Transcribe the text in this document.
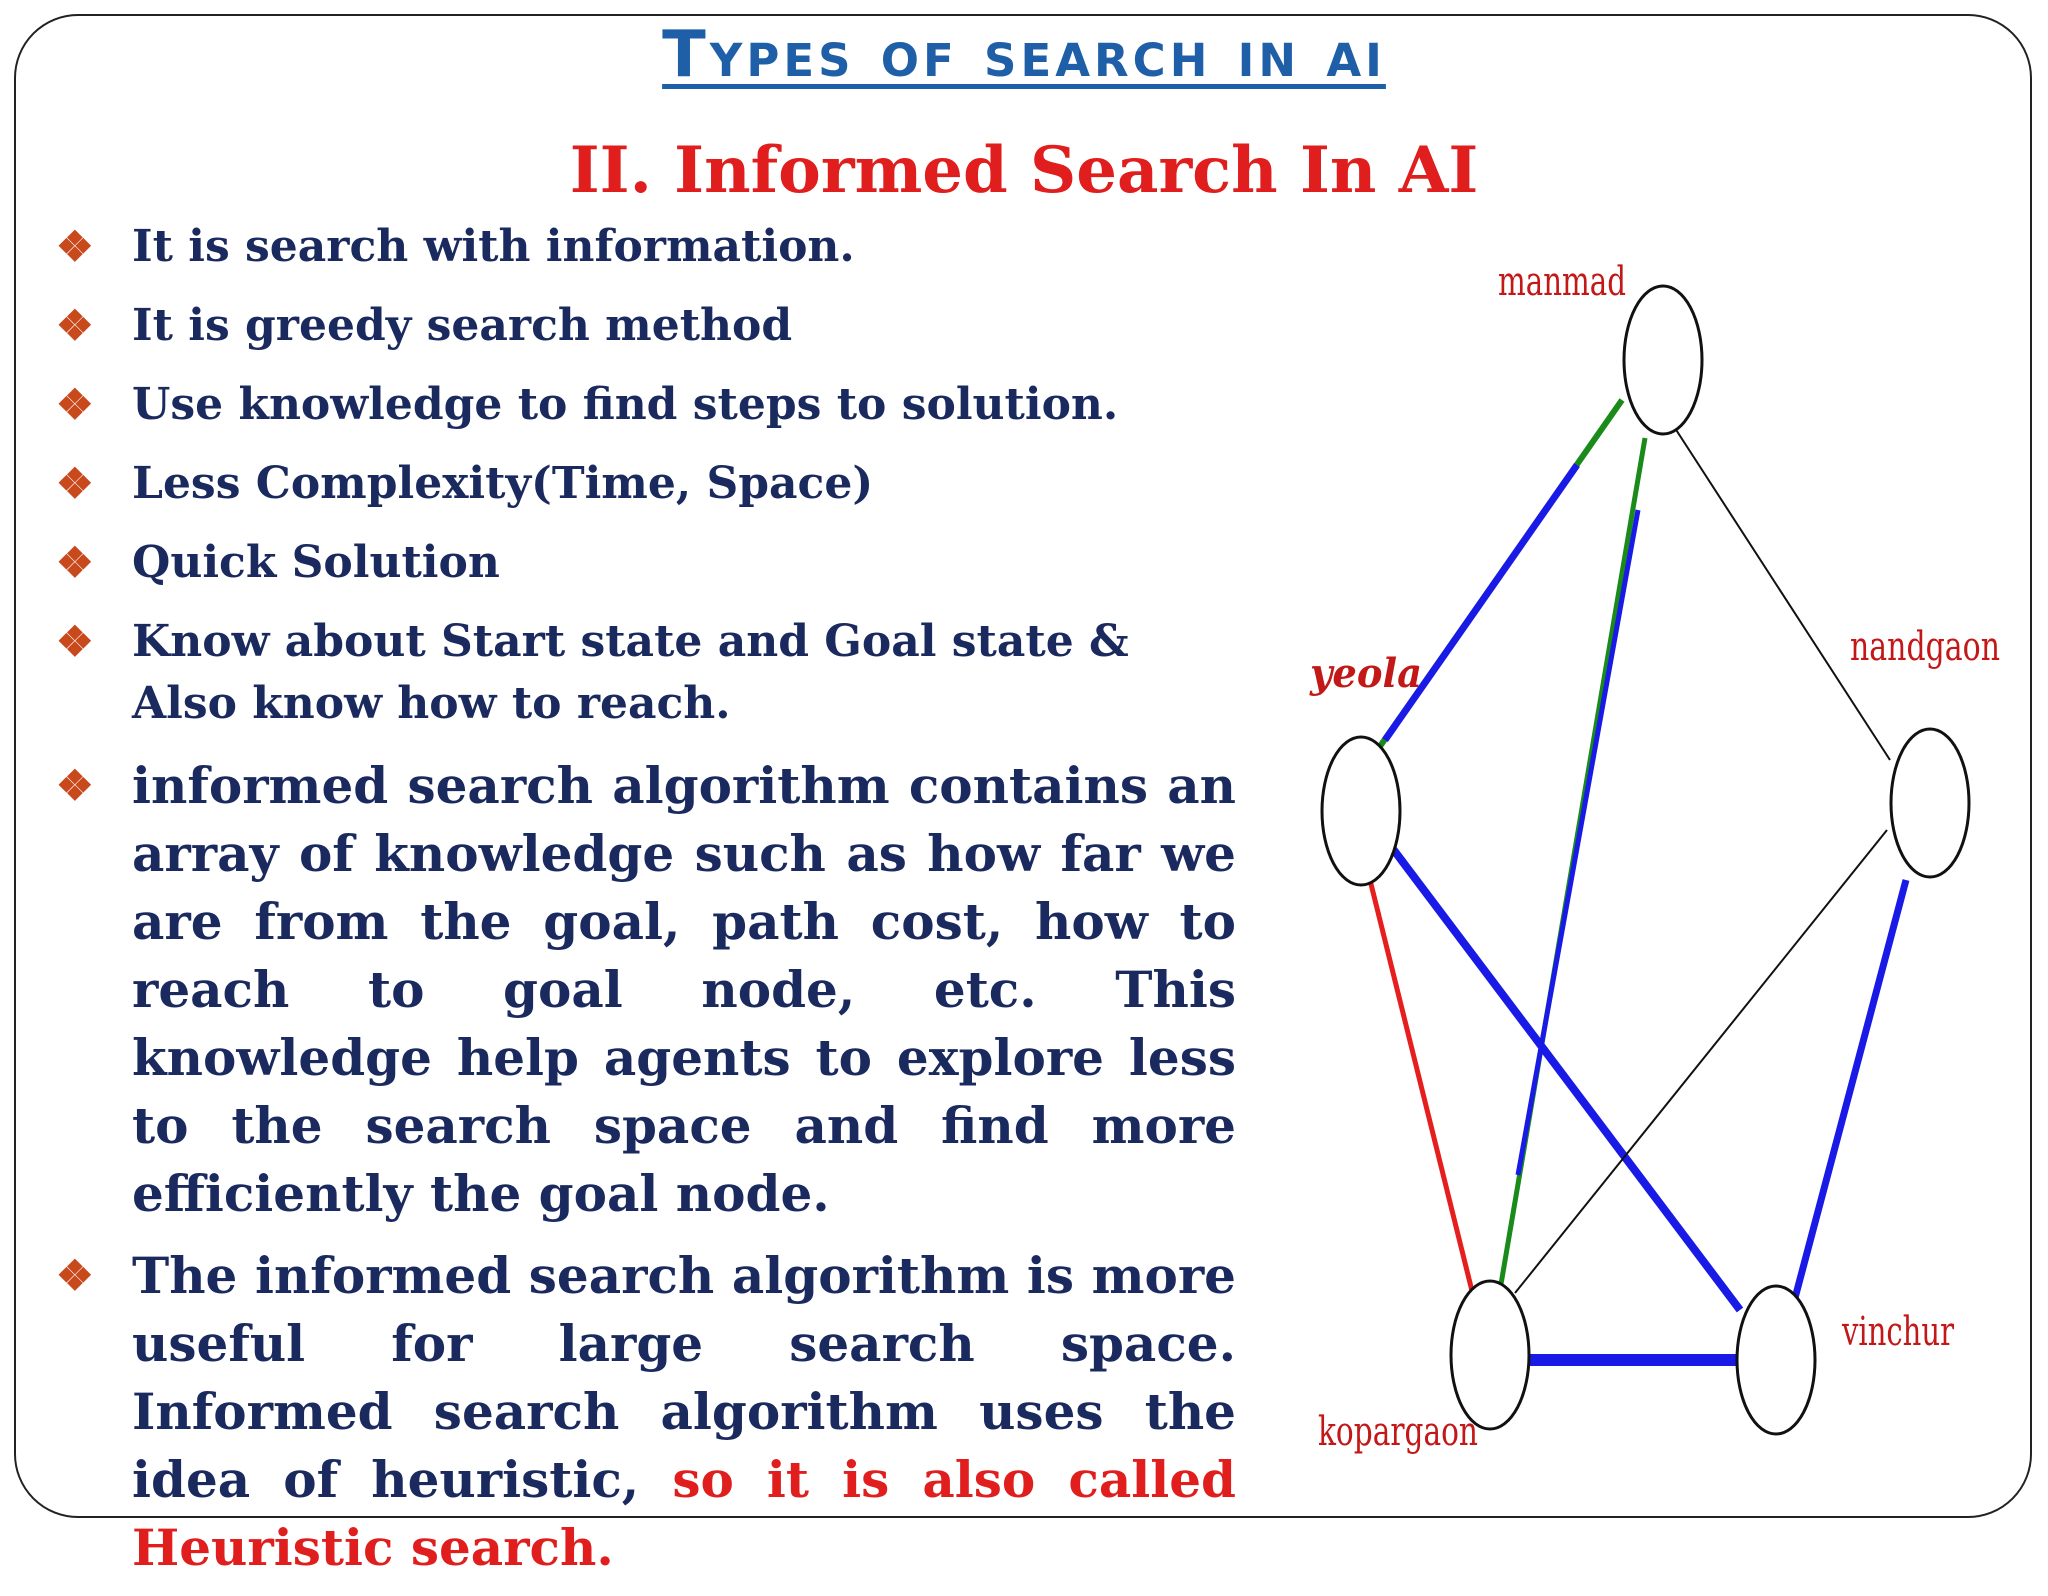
Types of search in ai
II. Informed Search In AI
❖ It is search with information.
❖ It is greedy search method
❖ Use knowledge to find steps to solution.
❖ Less Complexity(Time, Space)
❖ Quick Solution
❖ Know about Start state and Goal state & Also know how to reach.
❖ informed search algorithm contains an array of knowledge such as how far we are from the goal, path cost, how to reach to goal node, etc. This knowledge help agents to explore less to the search space and find more efficiently the goal node.
❖ The informed search algorithm is more useful for large search space. Informed search algorithm uses the idea of heuristic, so it is also called Heuristic search.
manmad
yeola
nandgaon
kopargaon
vinchur
